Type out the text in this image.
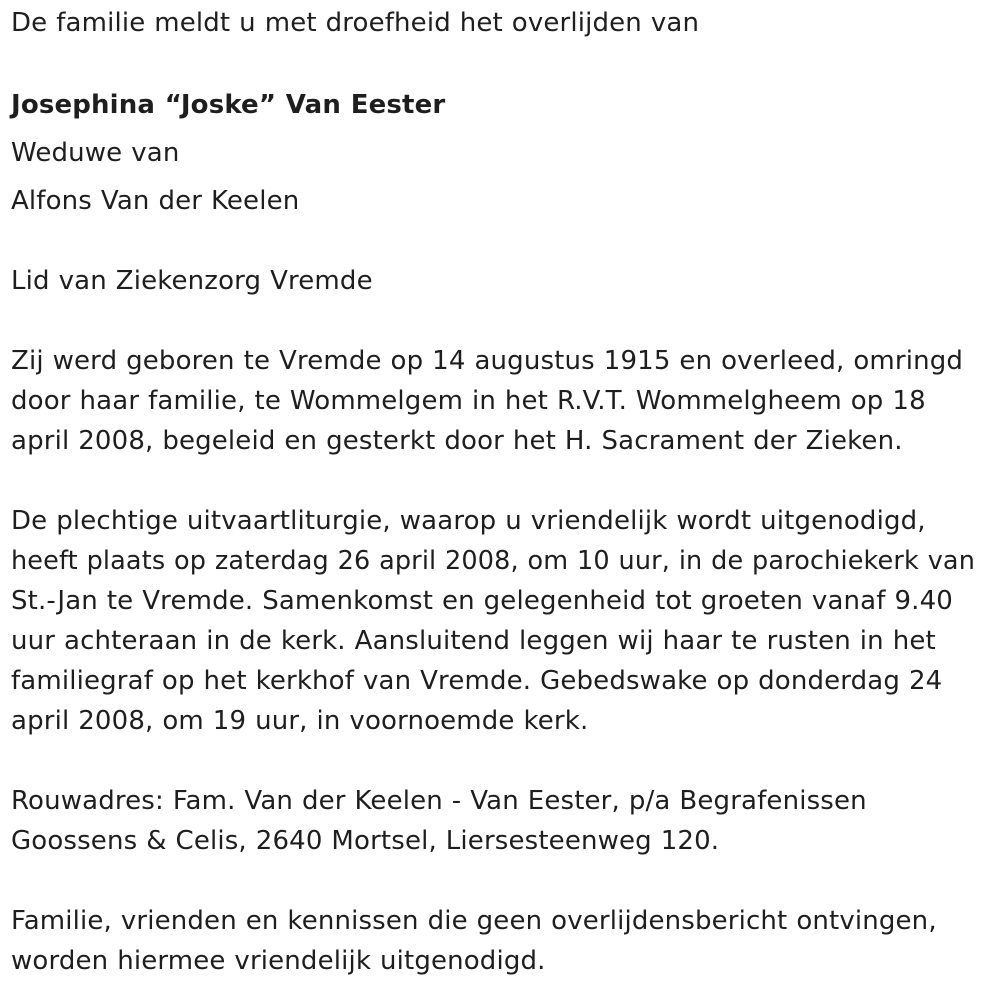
De familie meldt u met droefheid het overlijden van
Josephina “Joske” Van Eester
Weduwe van
Alfons Van der Keelen
Lid van Ziekenzorg Vremde
Zij werd geboren te Vremde op 14 augustus 1915 en overleed, omringd
door haar familie, te Wommelgem in het R.V.T. Wommelgheem op 18
april 2008, begeleid en gesterkt door het H. Sacrament der Zieken.
De plechtige uitvaartliturgie, waarop u vriendelijk wordt uitgenodigd,
heeft plaats op zaterdag 26 april 2008, om 10 uur, in de parochiekerk van
St.-Jan te Vremde. Samenkomst en gelegenheid tot groeten vanaf 9.40
uur achteraan in de kerk. Aansluitend leggen wij haar te rusten in het
familiegraf op het kerkhof van Vremde. Gebedswake op donderdag 24
april 2008, om 19 uur, in voornoemde kerk.
Rouwadres: Fam. Van der Keelen - Van Eester, p/a Begrafenissen
Goossens & Celis, 2640 Mortsel, Liersesteenweg 120.
Familie, vrienden en kennissen die geen overlijdensbericht ontvingen,
worden hiermee vriendelijk uitgenodigd.
